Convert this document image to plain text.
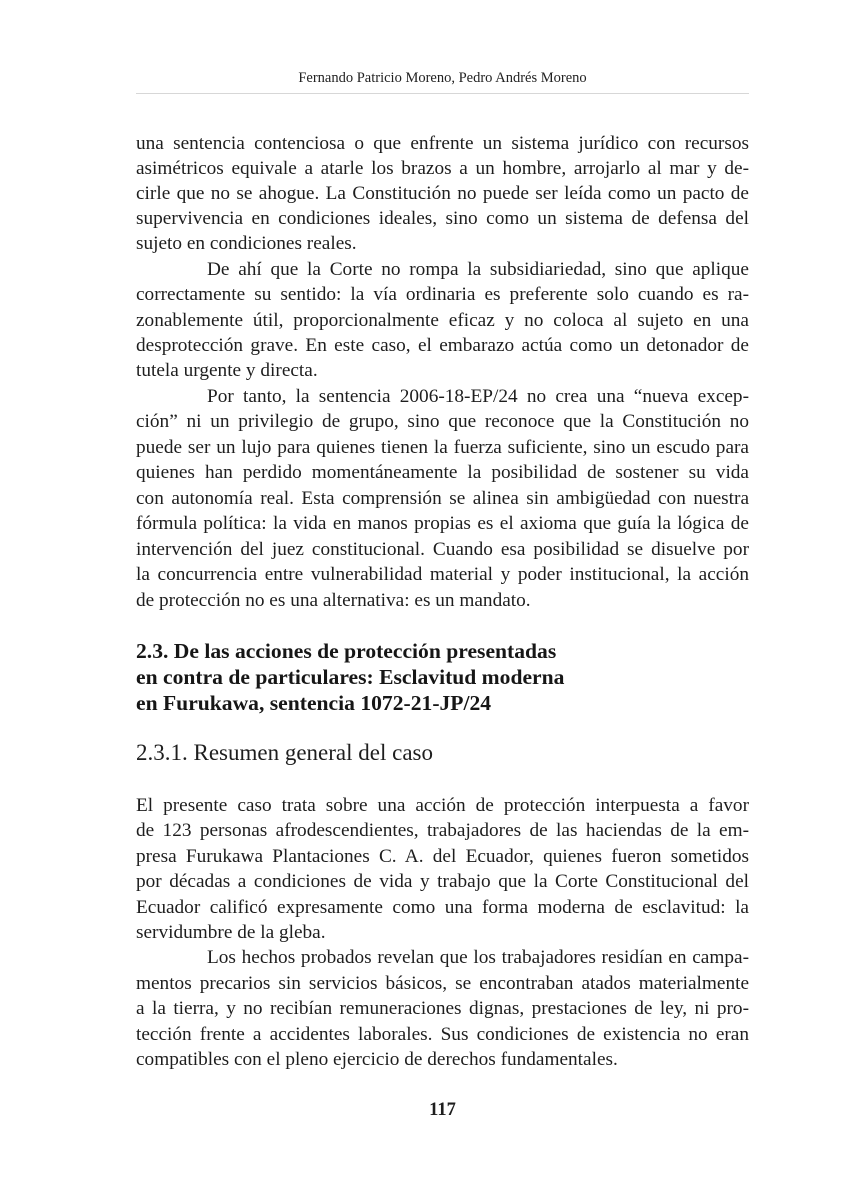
Fernando Patricio Moreno, Pedro Andrés Moreno
una sentencia contenciosa o que enfrente un sistema jurídico con recursos
asimétricos equivale a atarle los brazos a un hombre, arrojarlo al mar y de-
cirle que no se ahogue. La Constitución no puede ser leída como un pacto de
supervivencia en condiciones ideales, sino como un sistema de defensa del
sujeto en condiciones reales.
De ahí que la Corte no rompa la subsidiariedad, sino que aplique
correctamente su sentido: la vía ordinaria es preferente solo cuando es ra-
zonablemente útil, proporcionalmente eficaz y no coloca al sujeto en una
desprotección grave. En este caso, el embarazo actúa como un detonador de
tutela urgente y directa.
Por tanto, la sentencia 2006-18-EP/24 no crea una “nueva excep-
ción” ni un privilegio de grupo, sino que reconoce que la Constitución no
puede ser un lujo para quienes tienen la fuerza suficiente, sino un escudo para
quienes han perdido momentáneamente la posibilidad de sostener su vida
con autonomía real. Esta comprensión se alinea sin ambigüedad con nuestra
fórmula política: la vida en manos propias es el axioma que guía la lógica de
intervención del juez constitucional. Cuando esa posibilidad se disuelve por
la concurrencia entre vulnerabilidad material y poder institucional, la acción
de protección no es una alternativa: es un mandato.
2.3. De las acciones de protección presentadas
en contra de particulares: Esclavitud moderna
en Furukawa, sentencia 1072-21-JP/24
2.3.1. Resumen general del caso
El presente caso trata sobre una acción de protección interpuesta a favor
de 123 personas afrodescendientes, trabajadores de las haciendas de la em-
presa Furukawa Plantaciones C. A. del Ecuador, quienes fueron sometidos
por décadas a condiciones de vida y trabajo que la Corte Constitucional del
Ecuador calificó expresamente como una forma moderna de esclavitud: la
servidumbre de la gleba.
Los hechos probados revelan que los trabajadores residían en campa-
mentos precarios sin servicios básicos, se encontraban atados materialmente
a la tierra, y no recibían remuneraciones dignas, prestaciones de ley, ni pro-
tección frente a accidentes laborales. Sus condiciones de existencia no eran
compatibles con el pleno ejercicio de derechos fundamentales.
117
